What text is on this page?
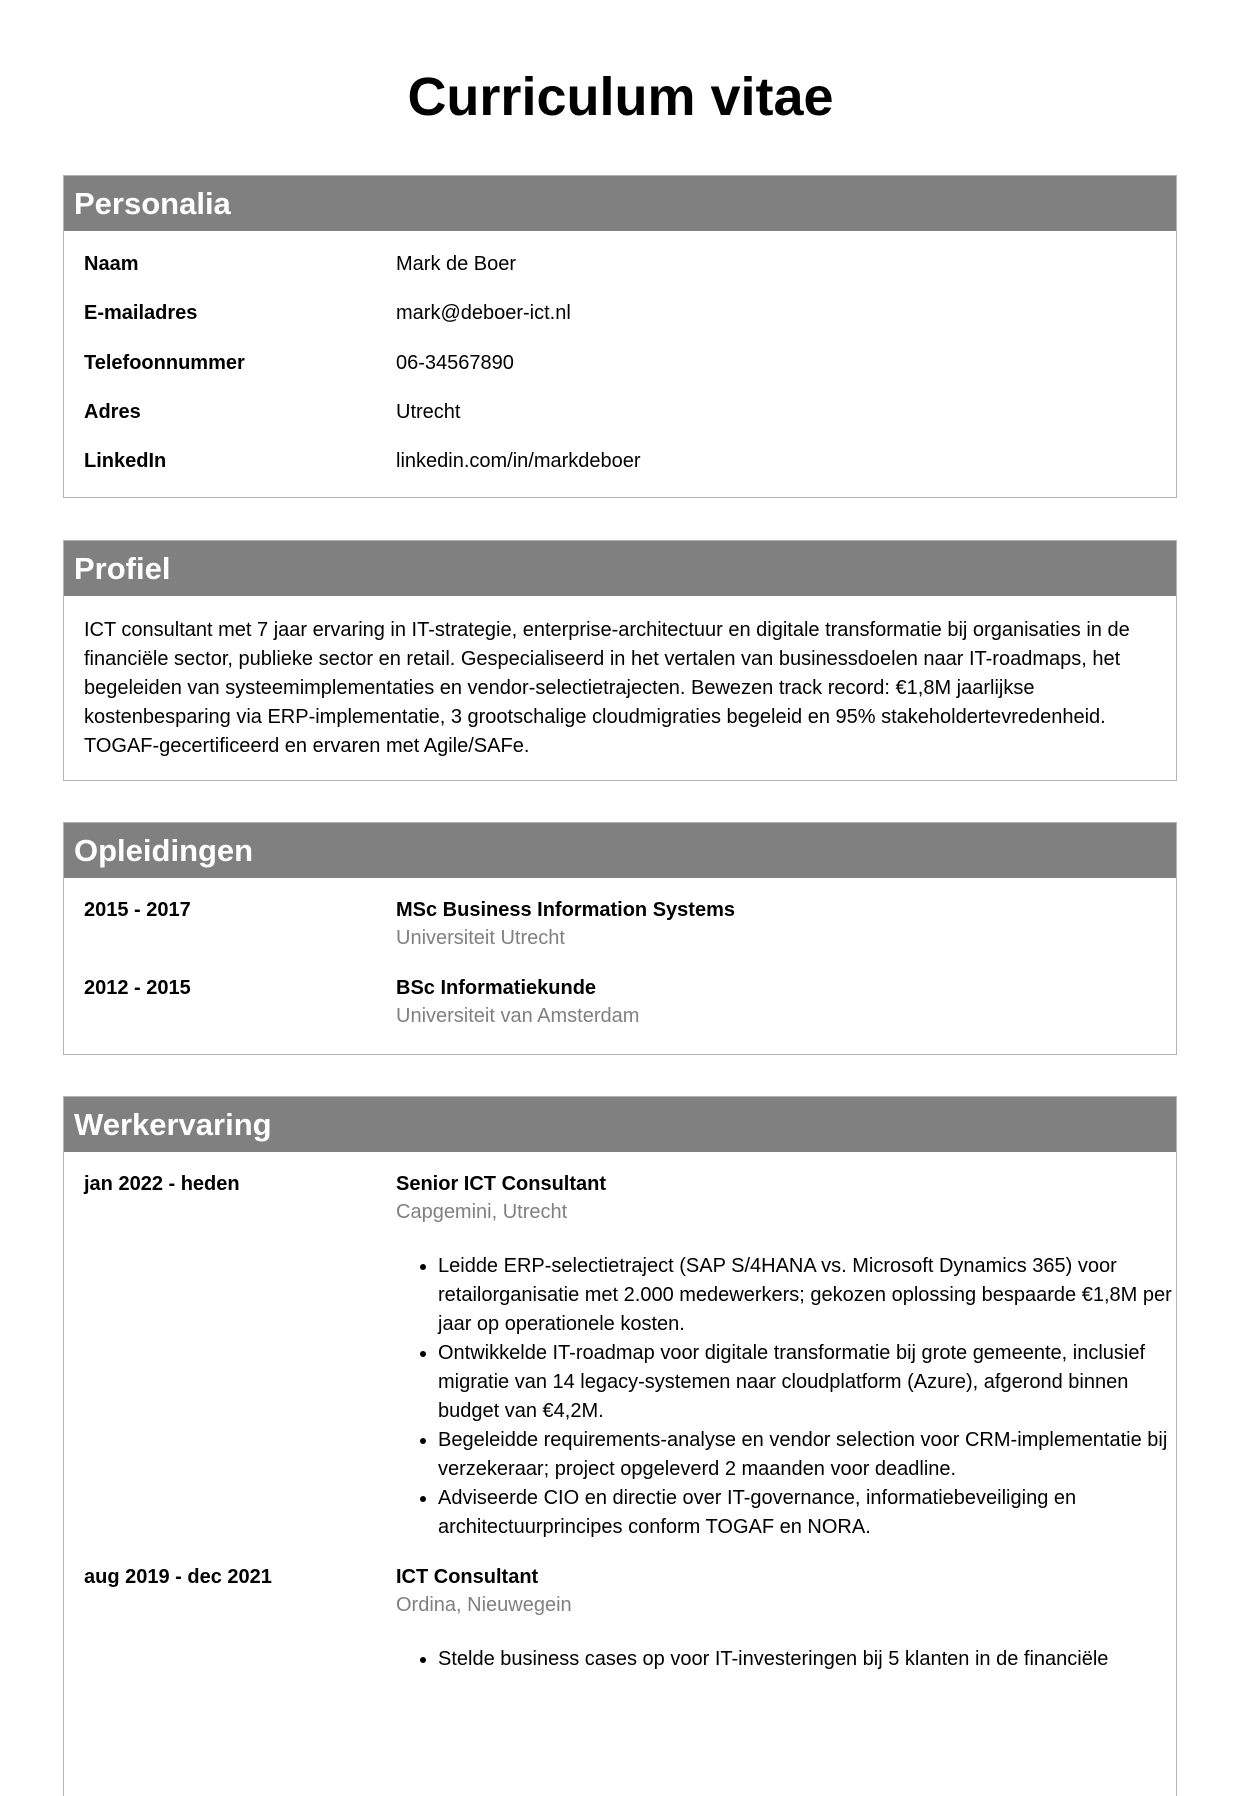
Curriculum vitae
Personalia
Naam	Mark de Boer
E-mailadres	mark@deboer-ict.nl
Telefoonnummer	06-34567890
Adres	Utrecht
LinkedIn	linkedin.com/in/markdeboer
Profiel

ICT consultant met 7 jaar ervaring in IT-strategie, enterprise-architectuur en digitale transformatie bij organisaties in de financiële sector, publieke sector en retail. Gespecialiseerd in het vertalen van businessdoelen naar IT-roadmaps, het begeleiden van systeemimplementaties en vendor-selectietrajecten. Bewezen track record: €1,8M jaarlijkse kostenbesparing via ERP-implementatie, 3 grootschalige cloudmigraties begeleid en 95% stakeholdertevredenheid. TOGAF-gecertificeerd en ervaren met Agile/SAFe.

Opleidingen
2015 - 2017	MSc Business Information Systems
Universiteit Utrecht
2012 - 2015	BSc Informatiekunde
Universiteit van Amsterdam
Werkervaring
jan 2022 - heden	Senior ICT Consultant
Capgemini, Utrecht
• Leidde ERP-selectietraject (SAP S/4HANA vs. Microsoft Dynamics 365) voor retailorganisatie met 2.000 medewerkers; gekozen oplossing bespaarde €1,8M per jaar op operationele kosten.
• Ontwikkelde IT-roadmap voor digitale transformatie bij grote gemeente, inclusief migratie van 14 legacy-systemen naar cloudplatform (Azure), afgerond binnen budget van €4,2M.
• Begeleidde requirements-analyse en vendor selection voor CRM-implementatie bij verzekeraar; project opgeleverd 2 maanden voor deadline.
• Adviseerde CIO en directie over IT-governance, informatiebeveiliging en architectuurprincipes conform TOGAF en NORA.
aug 2019 - dec 2021	ICT Consultant
Ordina, Nieuwegein
• Stelde business cases op voor IT-investeringen bij 5 klanten in de financiële
